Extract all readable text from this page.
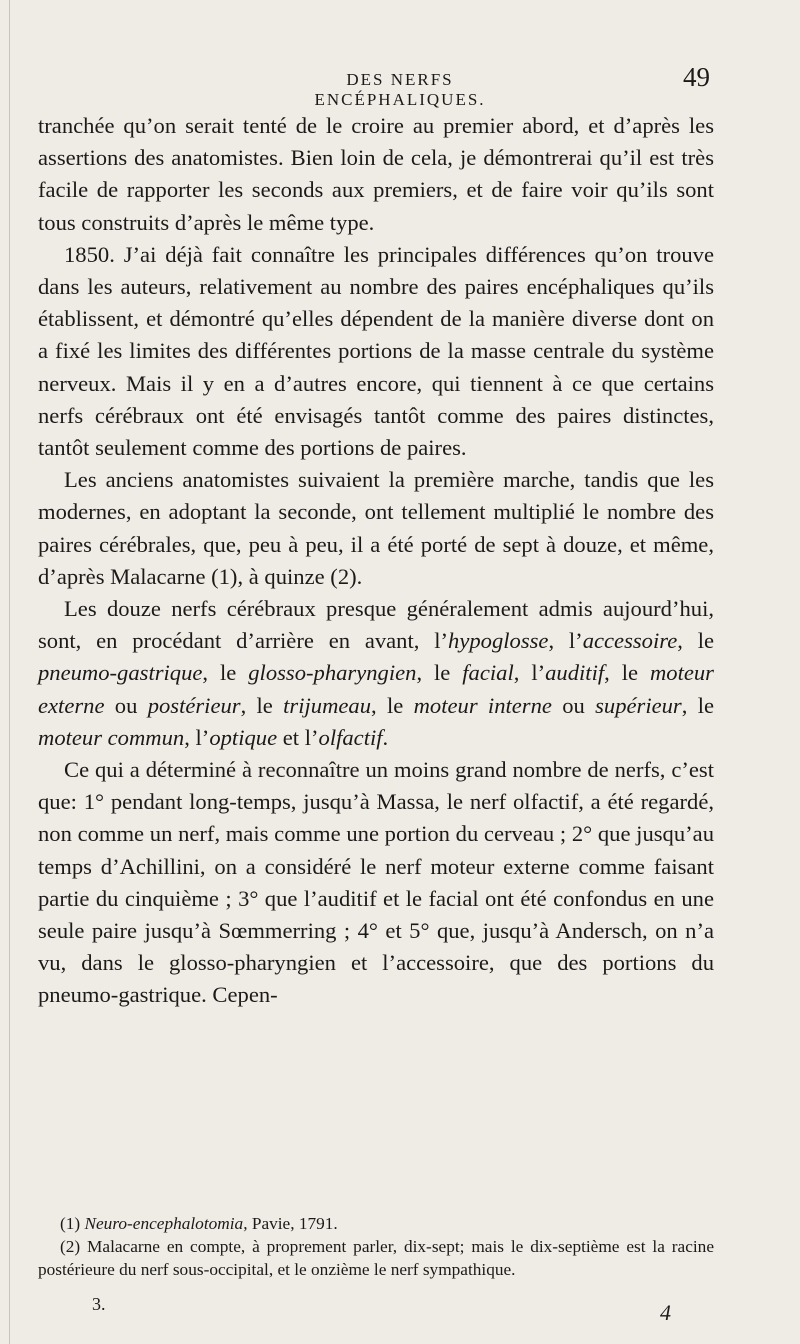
DES NERFS ENCÉPHALIQUES.
49

tranchée qu’on serait tenté de le croire au premier abord, et d’après les assertions des anatomistes. Bien loin de cela, je démontrerai qu’il est très facile de rapporter les seconds aux premiers, et de faire voir qu’ils sont tous construits d’après le même type.

1850. J’ai déjà fait connaître les principales différences qu’on trouve dans les auteurs, relativement au nombre des paires encéphaliques qu’ils établissent, et démontré qu’elles dépendent de la manière diverse dont on a fixé les limites des différentes portions de la masse centrale du système nerveux. Mais il y en a d’autres encore, qui tiennent à ce que certains nerfs cérébraux ont été envisagés tantôt comme des paires distinctes, tantôt seulement comme des portions de paires.

Les anciens anatomistes suivaient la première marche, tandis que les modernes, en adoptant la seconde, ont tellement multiplié le nombre des paires cérébrales, que, peu à peu, il a été porté de sept à douze, et même, d’après Malacarne (1), à quinze (2).

Les douze nerfs cérébraux presque généralement admis aujourd’hui, sont, en procédant d’arrière en avant, l’hypoglosse, l’accessoire, le pneumo-gastrique, le glosso-pharyngien, le facial, l’auditif, le moteur externe ou postérieur, le trijumeau, le moteur interne ou supérieur, le moteur commun, l’optique et l’olfactif.

Ce qui a déterminé à reconnaître un moins grand nombre de nerfs, c’est que: 1° pendant long-temps, jusqu’à Massa, le nerf olfactif, a été regardé, non comme un nerf, mais comme une portion du cerveau ; 2° que jusqu’au temps d’Achillini, on a considéré le nerf moteur externe comme faisant partie du cinquième ; 3° que l’auditif et le facial ont été confondus en une seule paire jusqu’à Sœmmerring ; 4° et 5° que, jusqu’à Andersch, on n’a vu, dans le glosso-pharyngien et l’accessoire, que des portions du pneumo-gastrique. Cepen-

(1) Neuro-encephalotomia, Pavie, 1791.

(2) Malacarne en compte, à proprement parler, dix-sept; mais le dix-septième est la racine postérieure du nerf sous-occipital, et le onzième le nerf sympathique.

3.	4
